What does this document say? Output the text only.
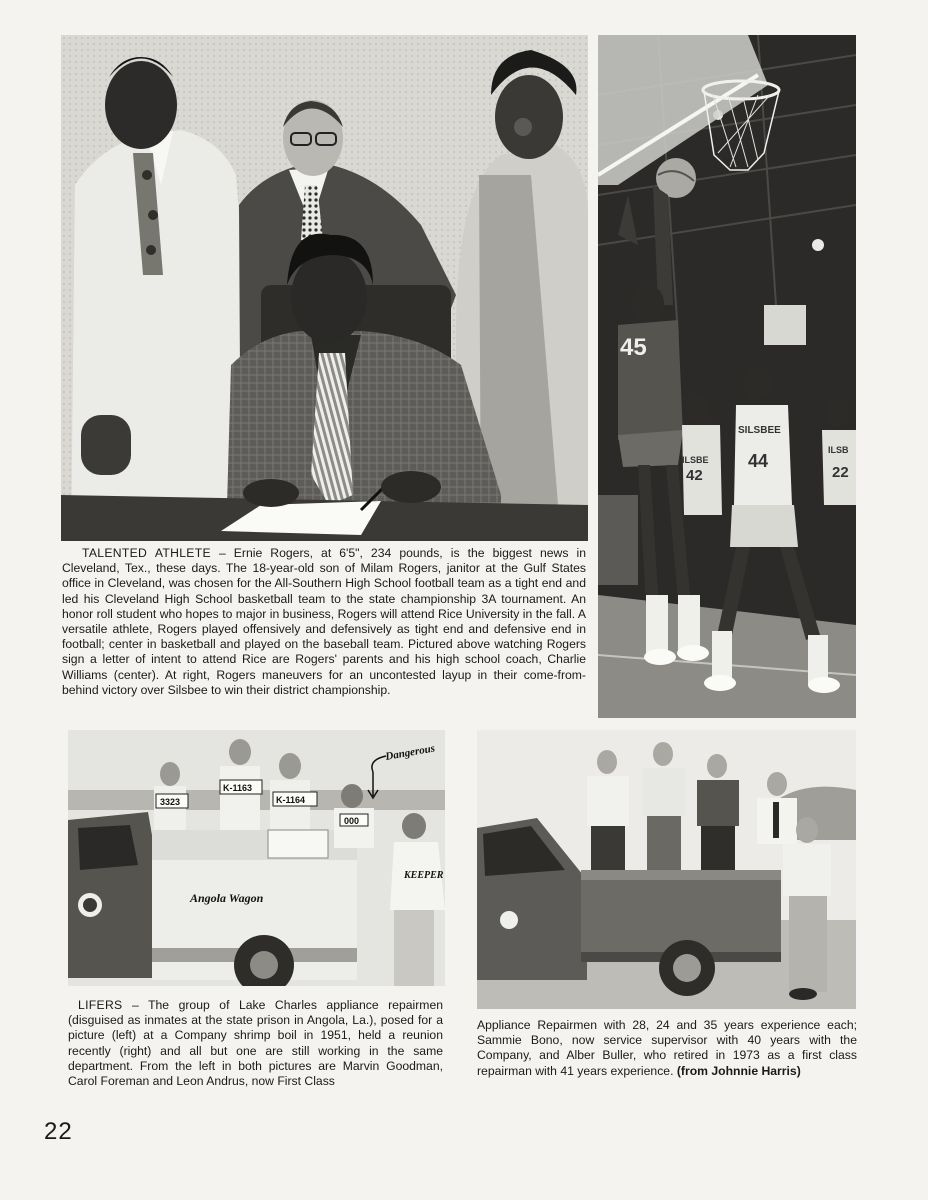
45
42
ILSBE
SILSBEE
44
ILSB
22

TALENTED ATHLETE – Ernie Rogers, at 6'5", 234 pounds, is the biggest news in Cleveland, Tex., these days. The 18-year-old son of Milam Rogers, janitor at the Gulf States office in Cleveland, was chosen for the All-Southern High School football team as a tight end and led his Cleveland High School basketball team to the state championship 3A tournament. An honor roll student who hopes to major in business, Rogers will attend Rice University in the fall. A versatile athlete, Rogers played offensively and defensively as tight end and defensive end in football; center in basketball and played on the baseball team. Pictured above watching Rogers sign a letter of intent to attend Rice are Rogers' parents and his high school coach, Charlie Williams (center). At right, Rogers maneuvers for an uncontested layup in their come-from-behind victory over Silsbee to win their district championship.

3323
K-1163
K-1164
000
Angola Wagon
Dangerous
KEEPER

LIFERS – The group of Lake Charles appliance repairmen (disguised as inmates at the state prison in Angola, La.), posed for a picture (left) at a Company shrimp boil in 1951, held a reunion recently (right) and all but one are still working in the same department. From the left in both pictures are Marvin Goodman, Carol Foreman and Leon Andrus, now First Class

Appliance Repairmen with 28, 24 and 35 years experience each; Sammie Bono, now service supervisor with 40 years with the Company, and Alber Buller, who retired in 1973 as a first class repairman with 41 years experience. (from Johnnie Harris)

22
